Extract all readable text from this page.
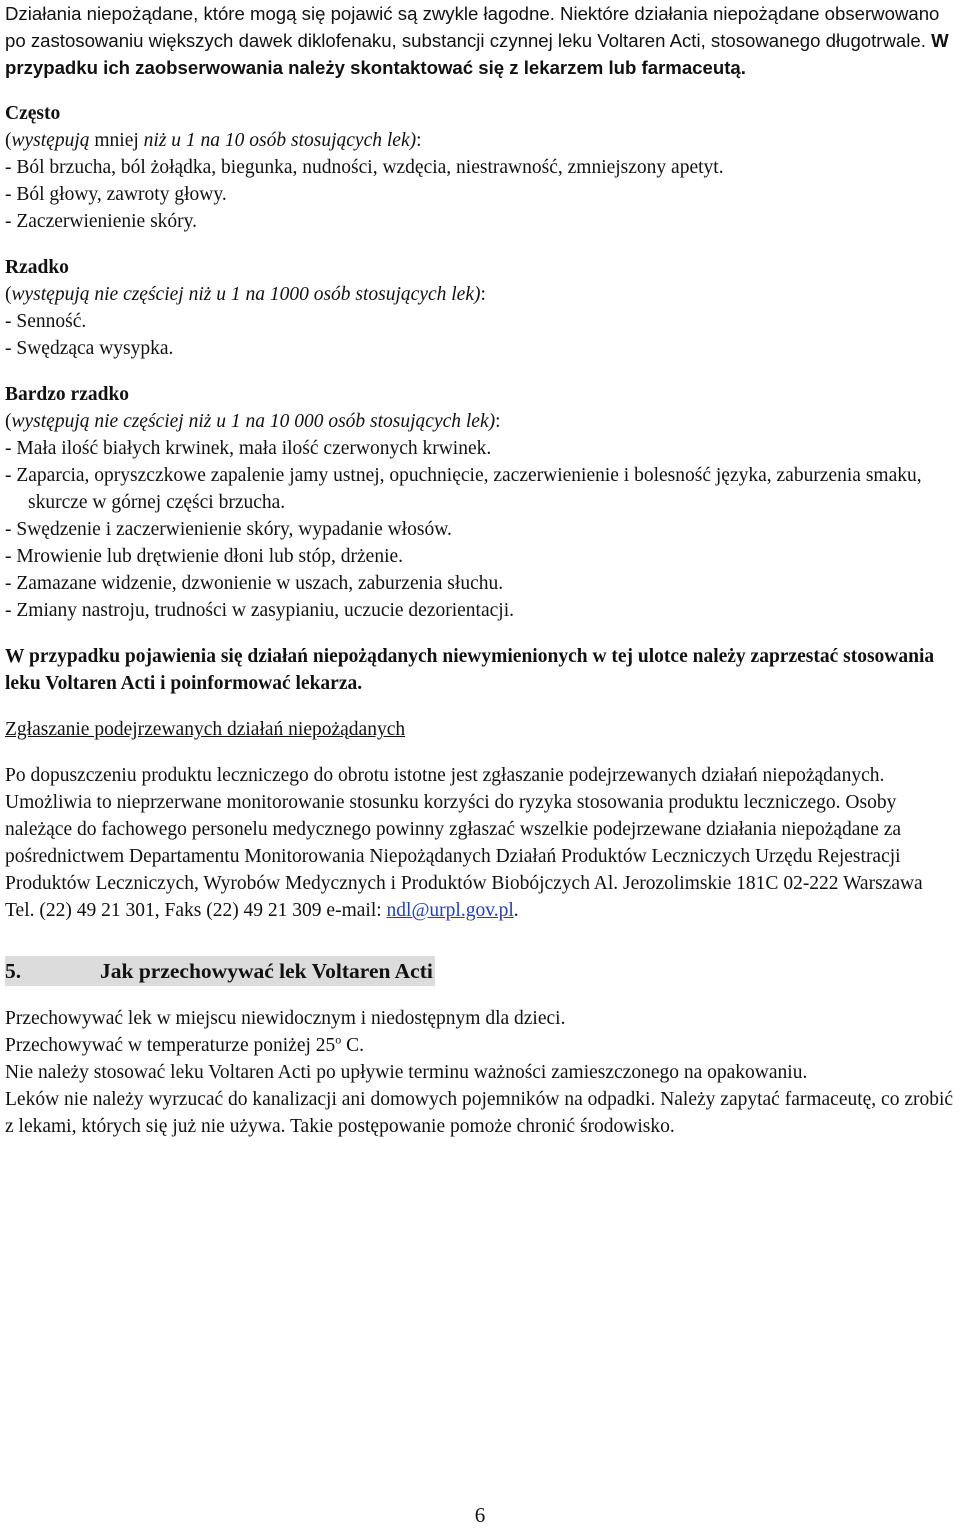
Działania niepożądane, które mogą się pojawić są zwykle łagodne. Niektóre działania niepożądane obserwowano po zastosowaniu większych dawek diklofenaku, substancji czynnej leku Voltaren Acti, stosowanego długotrwale. W przypadku ich zaobserwowania należy skontaktować się z lekarzem lub farmaceutą.

Często

(występują mniej niż u 1 na 10 osób stosujących lek):

- Ból brzucha, ból żołądka, biegunka, nudności, wzdęcia, niestrawność, zmniejszony apetyt.

- Ból głowy, zawroty głowy.

- Zaczerwienienie skóry.

Rzadko

(występują nie częściej niż u 1 na 1000 osób stosujących lek):

- Senność.

- Swędząca wysypka.

Bardzo rzadko

(występują nie częściej niż u 1 na 10 000 osób stosujących lek):

- Mała ilość białych krwinek, mała ilość czerwonych krwinek.

- Zaparcia, opryszczkowe zapalenie jamy ustnej, opuchnięcie, zaczerwienienie i bolesność języka, zaburzenia smaku, skurcze w górnej części brzucha.

- Swędzenie i zaczerwienienie skóry, wypadanie włosów.

- Mrowienie lub drętwienie dłoni lub stóp, drżenie.

- Zamazane widzenie, dzwonienie w uszach, zaburzenia słuchu.

- Zmiany nastroju, trudności w zasypianiu, uczucie dezorientacji.

W przypadku pojawienia się działań niepożądanych niewymienionych w tej ulotce należy zaprzestać stosowania leku Voltaren Acti i poinformować lekarza.

Zgłaszanie podejrzewanych działań niepożądanych

Po dopuszczeniu produktu leczniczego do obrotu istotne jest zgłaszanie podejrzewanych działań niepożądanych. Umożliwia to nieprzerwane monitorowanie stosunku korzyści do ryzyka stosowania produktu leczniczego. Osoby należące do fachowego personelu medycznego powinny zgłaszać wszelkie podejrzewane działania niepożądane za pośrednictwem Departamentu Monitorowania Niepożądanych Działań Produktów Leczniczych Urzędu Rejestracji Produktów Leczniczych, Wyrobów Medycznych i Produktów Biobójczych Al. Jerozolimskie 181C 02-222 Warszawa

Tel. (22) 49 21 301, Faks (22) 49 21 309 e-mail: ndl@urpl.gov.pl.

5.	Jak przechowywać lek Voltaren Acti

Przechowywać lek w miejscu niewidocznym i niedostępnym dla dzieci.

Przechowywać w temperaturze poniżej 25$^o$ C.

Nie należy stosować leku Voltaren Acti po upływie terminu ważności zamieszczonego na opakowaniu.

Leków nie należy wyrzucać do kanalizacji ani domowych pojemników na odpadki. Należy zapytać farmaceutę, co zrobić z lekami, których się już nie używa. Takie postępowanie pomoże chronić środowisko.

6
